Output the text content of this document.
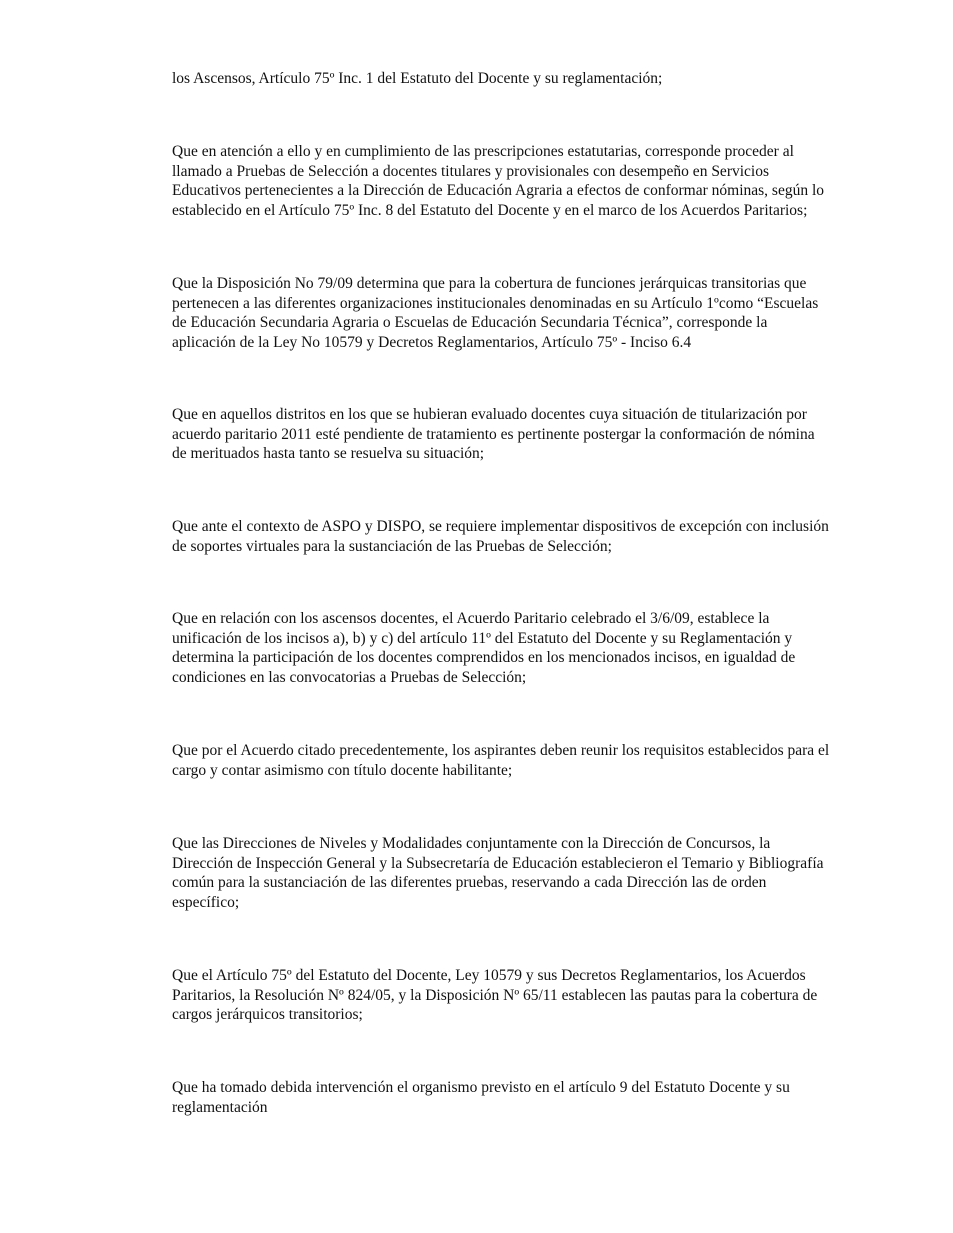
los Ascensos, Artículo 75º Inc. 1 del Estatuto del Docente y su reglamentación;

Que en atención a ello y en cumplimiento de las prescripciones estatutarias, corresponde proceder al
llamado a Pruebas de Selección a docentes titulares y provisionales con desempeño en Servicios
Educativos pertenecientes a la Dirección de Educación Agraria a efectos de conformar nóminas, según lo
establecido en el Artículo 75º Inc. 8 del Estatuto del Docente y en el marco de los Acuerdos Paritarios;

Que la Disposición No 79/09 determina que para la cobertura de funciones jerárquicas transitorias que
pertenecen a las diferentes organizaciones institucionales denominadas en su Artículo 1ºcomo “Escuelas
de Educación Secundaria Agraria o Escuelas de Educación Secundaria Técnica”, corresponde la
aplicación de la Ley No 10579 y Decretos Reglamentarios, Artículo 75º - Inciso 6.4

Que en aquellos distritos en los que se hubieran evaluado docentes cuya situación de titularización por
acuerdo paritario 2011 esté pendiente de tratamiento es pertinente postergar la conformación de nómina
de merituados hasta tanto se resuelva su situación;

Que ante el contexto de ASPO y DISPO, se requiere implementar dispositivos de excepción con inclusión
de soportes virtuales para la sustanciación de las Pruebas de Selección;

Que en relación con los ascensos docentes, el Acuerdo Paritario celebrado el 3/6/09, establece la
unificación de los incisos a), b) y c) del artículo 11º del Estatuto del Docente y su Reglamentación y
determina la participación de los docentes comprendidos en los mencionados incisos, en igualdad de
condiciones en las convocatorias a Pruebas de Selección;

Que por el Acuerdo citado precedentemente, los aspirantes deben reunir los requisitos establecidos para el
cargo y contar asimismo con título docente habilitante;

Que las Direcciones de Niveles y Modalidades conjuntamente con la Dirección de Concursos, la
Dirección de Inspección General y la Subsecretaría de Educación establecieron el Temario y Bibliografía
común para la sustanciación de las diferentes pruebas, reservando a cada Dirección las de orden
específico;

Que el Artículo 75º del Estatuto del Docente, Ley 10579 y sus Decretos Reglamentarios, los Acuerdos
Paritarios, la Resolución Nº 824/05, y la Disposición Nº 65/11 establecen las pautas para la cobertura de
cargos jerárquicos transitorios;

Que ha tomado debida intervención el organismo previsto en el artículo 9 del Estatuto Docente y su
reglamentación
